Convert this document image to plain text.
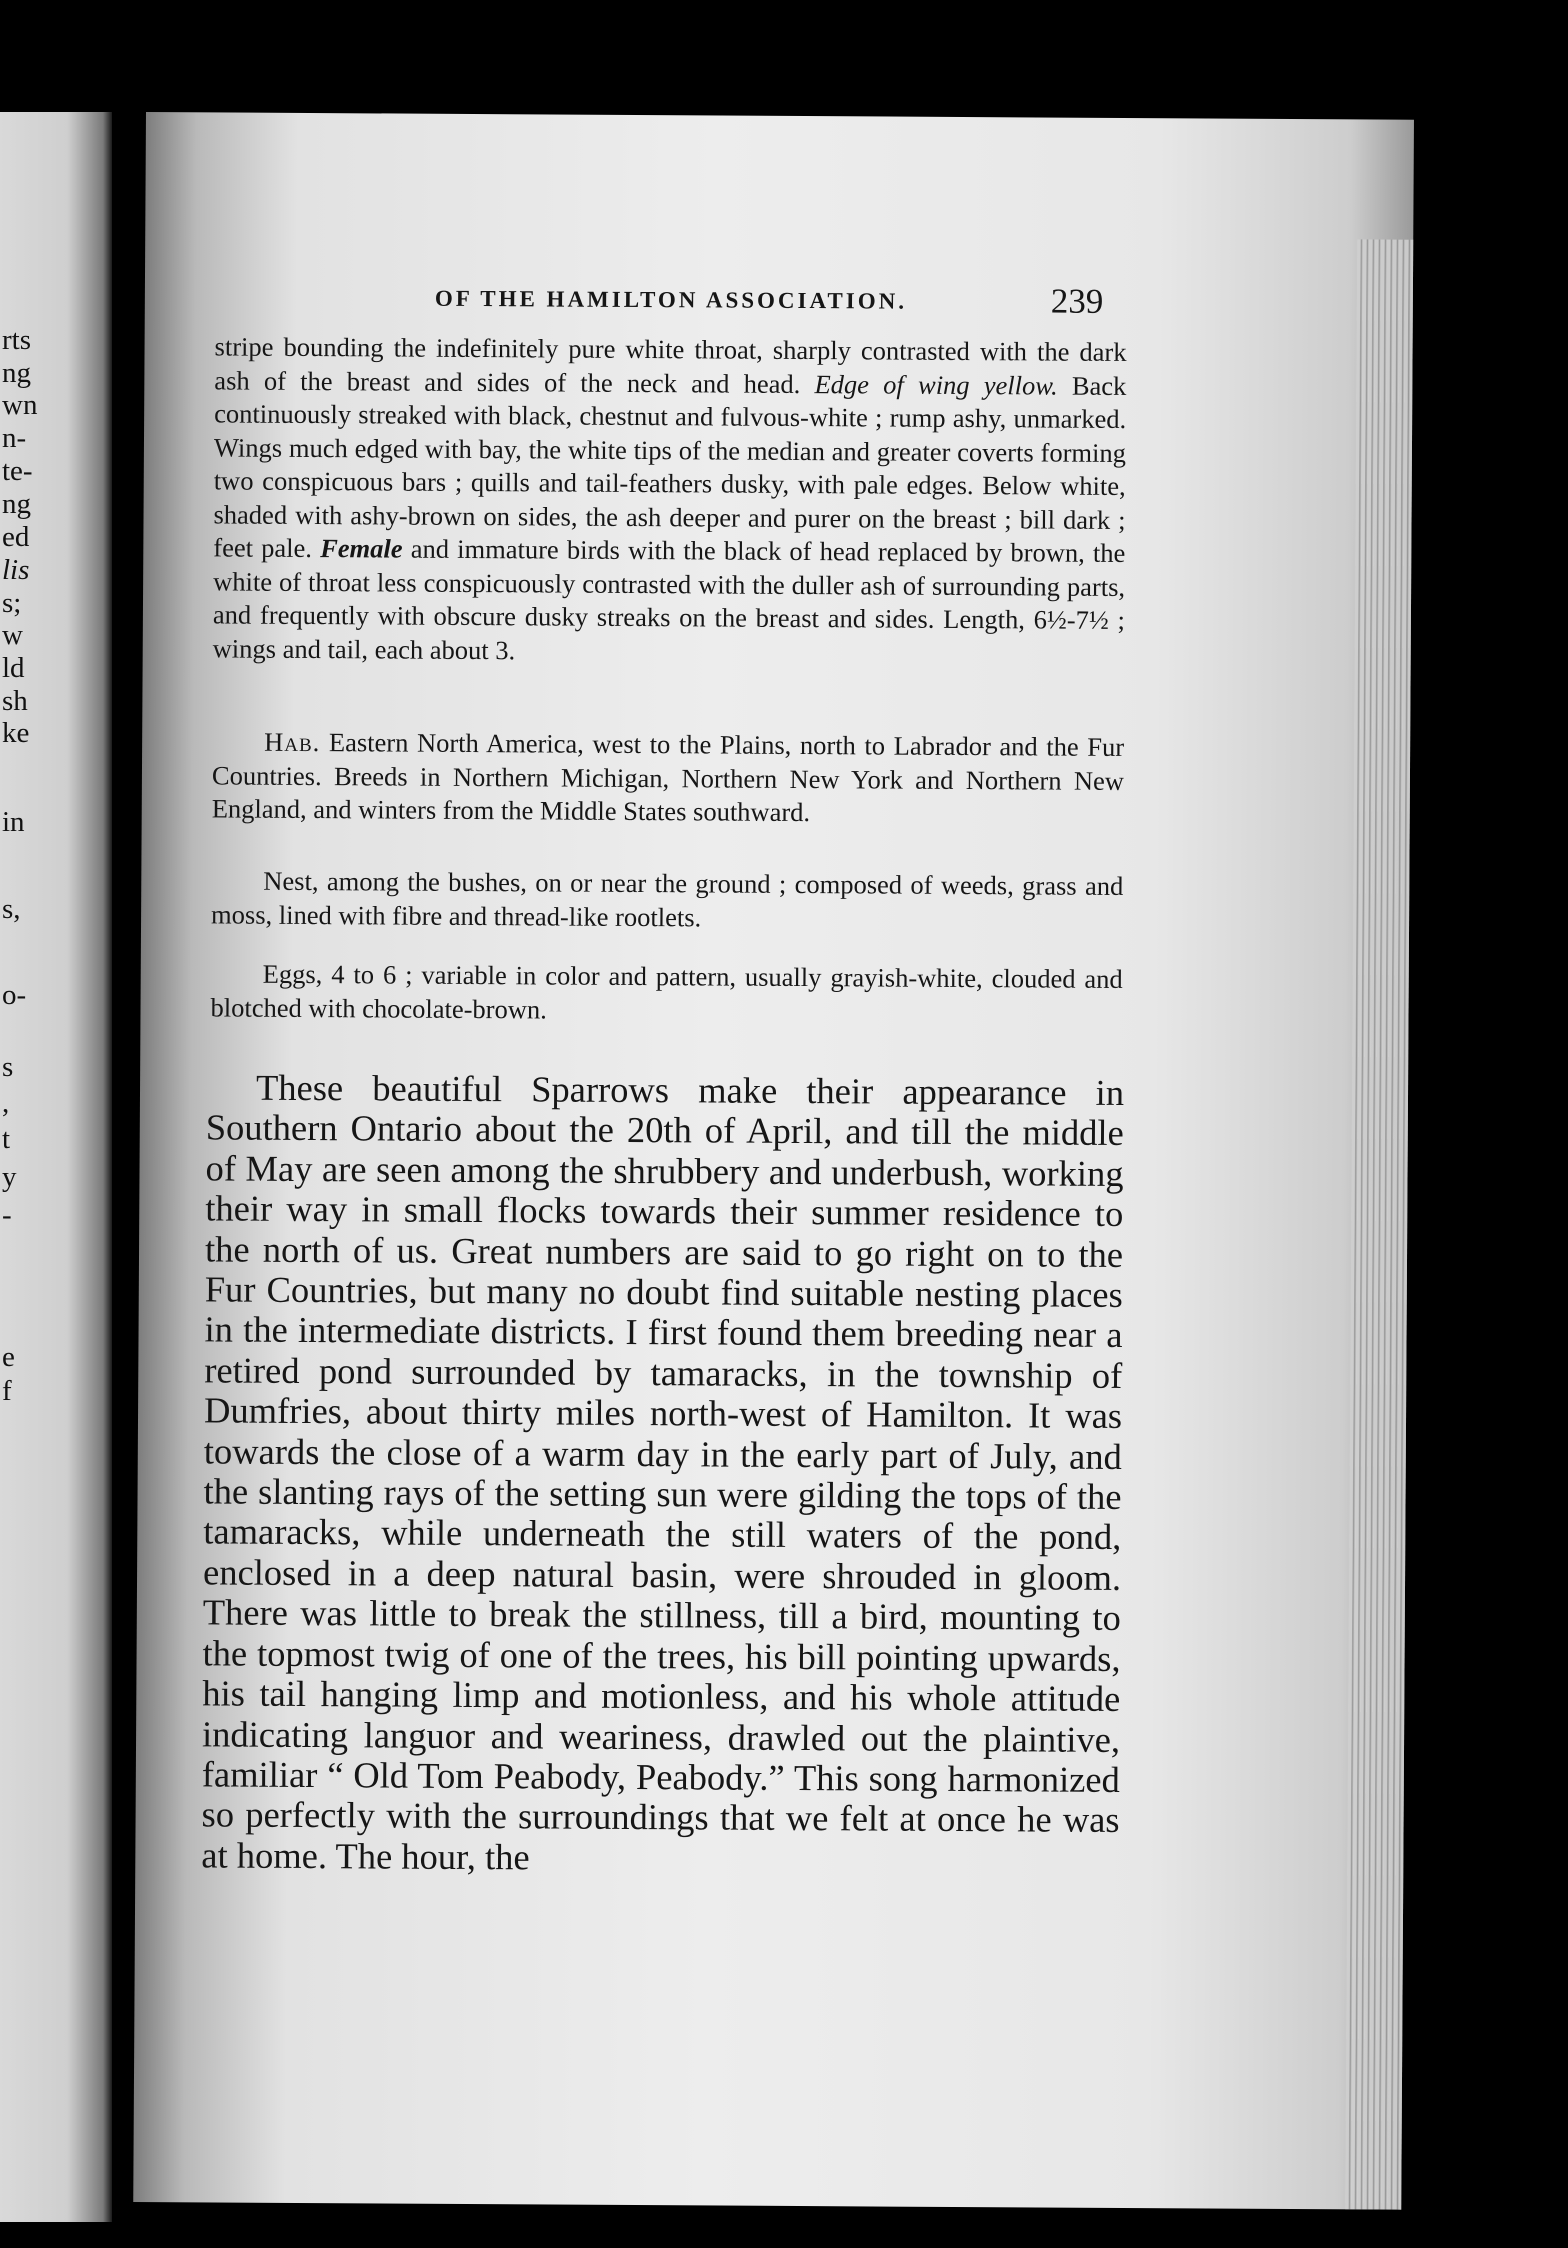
rts
ng
wn
n-
te-
ng
ed
lis
s;
w
ld
sh
ke
in
s,
o-
s
,
t
y
-
e
f
OF THE HAMILTON ASSOCIATION.	239

stripe bounding the indefinitely pure white throat, sharply contrasted with the dark ash of the breast and sides of the neck and head. Edge of wing yellow. Back continuously streaked with black, chestnut and fulvous-white ; rump ashy, unmarked. Wings much edged with bay, the white tips of the median and greater coverts forming two conspicuous bars ; quills and tail-feathers dusky, with pale edges. Below white, shaded with ashy-brown on sides, the ash deeper and purer on the breast ; bill dark ; feet pale. Female and immature birds with the black of head replaced by brown, the white of throat less conspicuously contrasted with the duller ash of surrounding parts, and frequently with obscure dusky streaks on the breast and sides. Length, 6½-7½ ; wings and tail, each about 3.

Hab. Eastern North America, west to the Plains, north to Labrador and the Fur Countries. Breeds in Northern Michigan, Northern New York and Northern New England, and winters from the Middle States southward.

Nest, among the bushes, on or near the ground ; composed of weeds, grass and moss, lined with fibre and thread-like rootlets.

Eggs, 4 to 6 ; variable in color and pattern, usually grayish-white, clouded and blotched with chocolate-brown.

These beautiful Sparrows make their appearance in Southern Ontario about the 20th of April, and till the middle of May are seen among the shrubbery and underbush, working their way in small flocks towards their summer residence to the north of us. Great numbers are said to go right on to the Fur Countries, but many no doubt find suitable nesting places in the intermediate districts. I first found them breeding near a retired pond surrounded by tamaracks, in the township of Dumfries, about thirty miles north-west of Hamilton. It was towards the close of a warm day in the early part of July, and the slanting rays of the setting sun were gilding the tops of the tamaracks, while underneath the still waters of the pond, enclosed in a deep natural basin, were shrouded in gloom. There was little to break the stillness, till a bird, mounting to the topmost twig of one of the trees, his bill pointing upwards, his tail hanging limp and motionless, and his whole attitude indicating languor and weariness, drawled out the plaintive, familiar “ Old Tom Peabody, Peabody.” This song harmonized so perfectly with the surroundings that we felt at once he was at home. The hour, the
